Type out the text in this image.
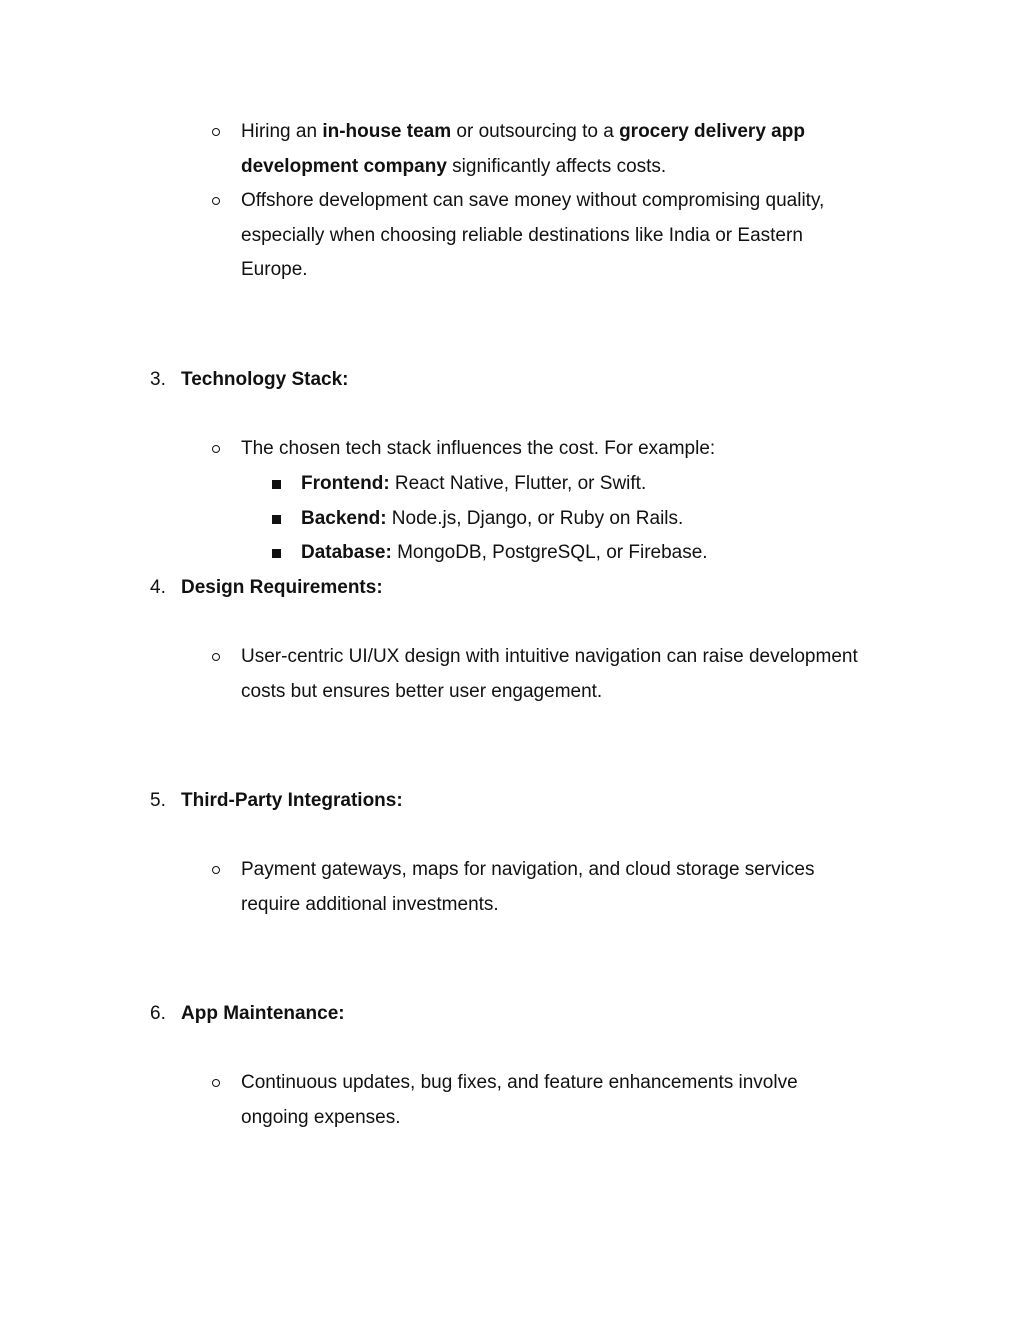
Hiring an in-house team or outsourcing to a grocery delivery app
development company significantly affects costs.
Offshore development can save money without compromising quality,
especially when choosing reliable destinations like India or Eastern
Europe.
3. Technology Stack:
The chosen tech stack influences the cost. For example:
Frontend: React Native, Flutter, or Swift.
Backend: Node.js, Django, or Ruby on Rails.
Database: MongoDB, PostgreSQL, or Firebase.
4. Design Requirements:
User-centric UI/UX design with intuitive navigation can raise development
costs but ensures better user engagement.
5. Third-Party Integrations:
Payment gateways, maps for navigation, and cloud storage services
require additional investments.
6. App Maintenance:
Continuous updates, bug fixes, and feature enhancements involve
ongoing expenses.
